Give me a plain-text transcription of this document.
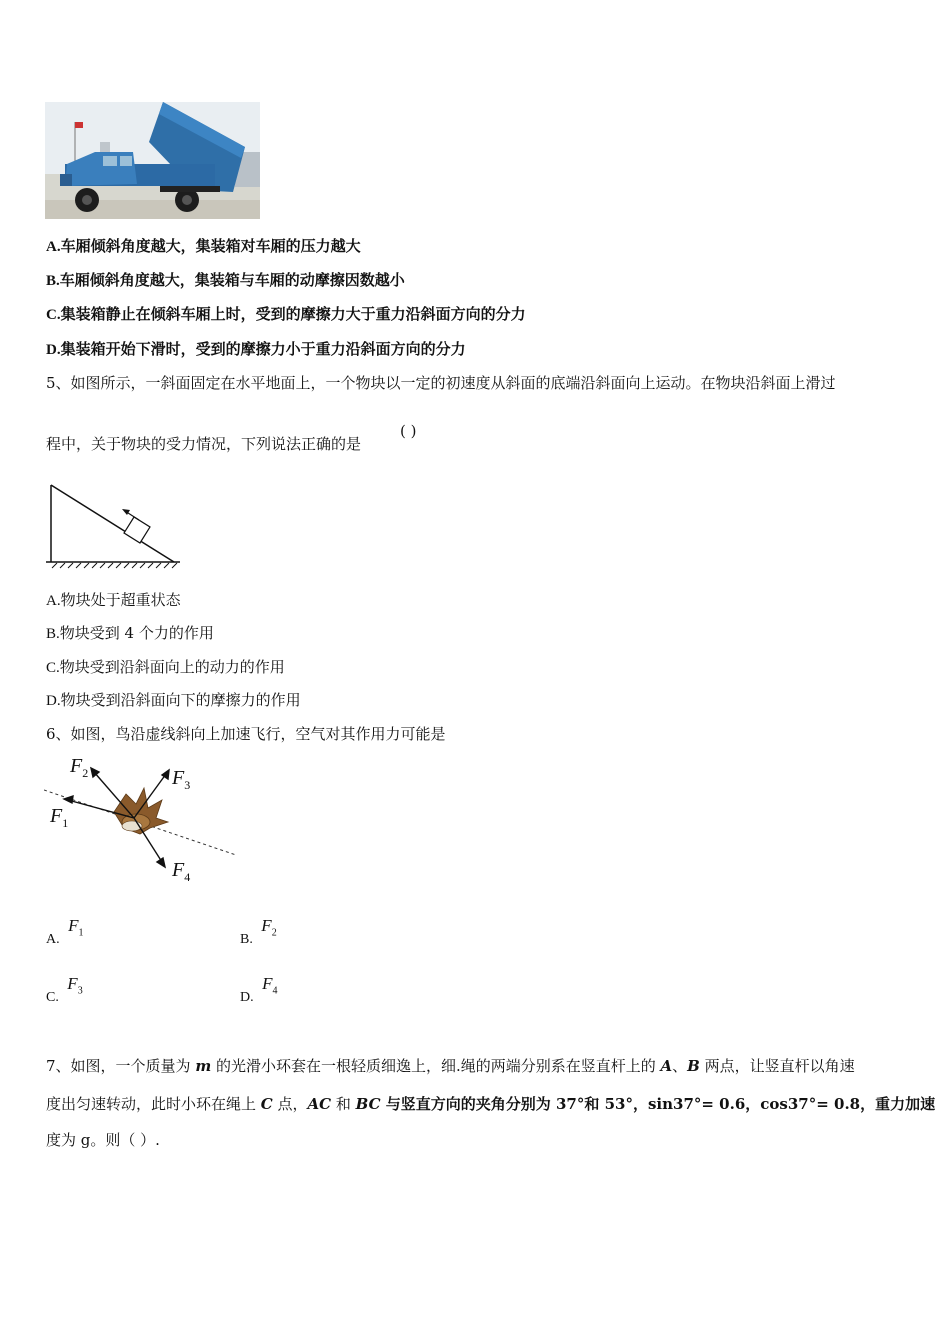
A.车厢倾斜角度越大，集装箱对车厢的压力越大
B.车厢倾斜角度越大，集装箱与车厢的动摩擦因数越小
C.集装箱静止在倾斜车厢上时，受到的摩擦力大于重力沿斜面方向的分力
D.集装箱开始下滑时，受到的摩擦力小于重力沿斜面方向的分力
5、如图所示，一斜面固定在水平地面上，一个物块以一定的初速度从斜面的底端沿斜面向上运动。在物块沿斜面上滑过
程中，关于物块的受力情况，下列说法正确的是
( )
A.物块处于超重状态
B.物块受到 4 个力的作用
C.物块受到沿斜面向上的动力的作用
D.物块受到沿斜面向下的摩擦力的作用
6、如图，鸟沿虚线斜向上加速飞行，空气对其作用力可能是
$F_2$	$F_3$
$F_1$
$F_4$
A. $F_1$	B. $F_2$
C. $F_3$	D. $F_4$
7、如图，一个质量为 m 的光滑小环套在一根轻质细逸上，细.绳的两端分别系在竖直杆上的 A、B 两点，让竖直杆以角速
度出匀速转动，此时小环在绳上 C 点，AC 和 BC 与竖直方向的夹角分别为 37°和 53°，sin37°= 0.6，cos37°= 0.8，重力加速
度为 g。则（ ）.
